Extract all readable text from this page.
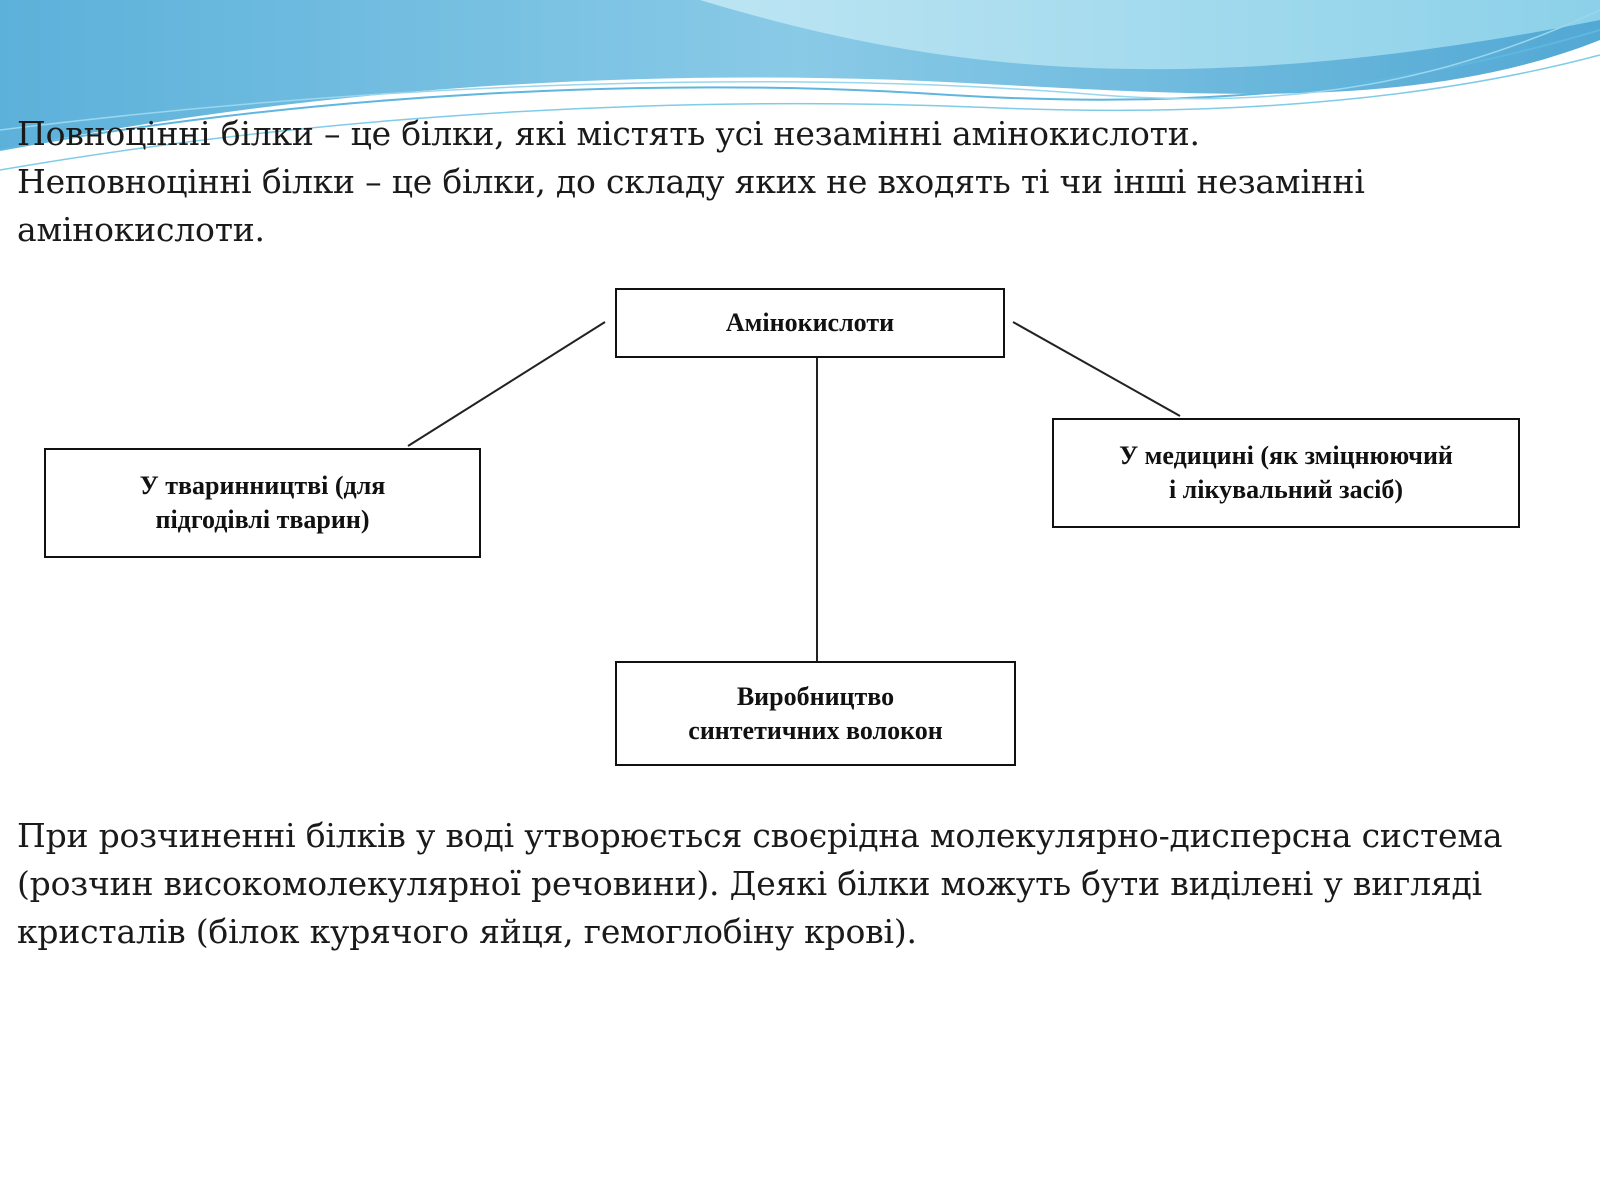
Повноцінні білки – це білки, які містять усі незамінні амінокислоти.
Неповноцінні білки – це білки, до складу яких не входять ті чи інші незамінні
амінокислоти.

Амінокислоти
У тваринництві (для
підгодівлі тварин)
У медицині (як зміцнюючий
і лікувальний засіб)
Виробництво
синтетичних волокон

При розчиненні білків у воді утворюється своєрідна молекулярно-дисперсна система
(розчин високомолекулярної речовини). Деякі білки можуть бути виділені у вигляді
кристалів (білок курячого яйця, гемоглобіну крові).
